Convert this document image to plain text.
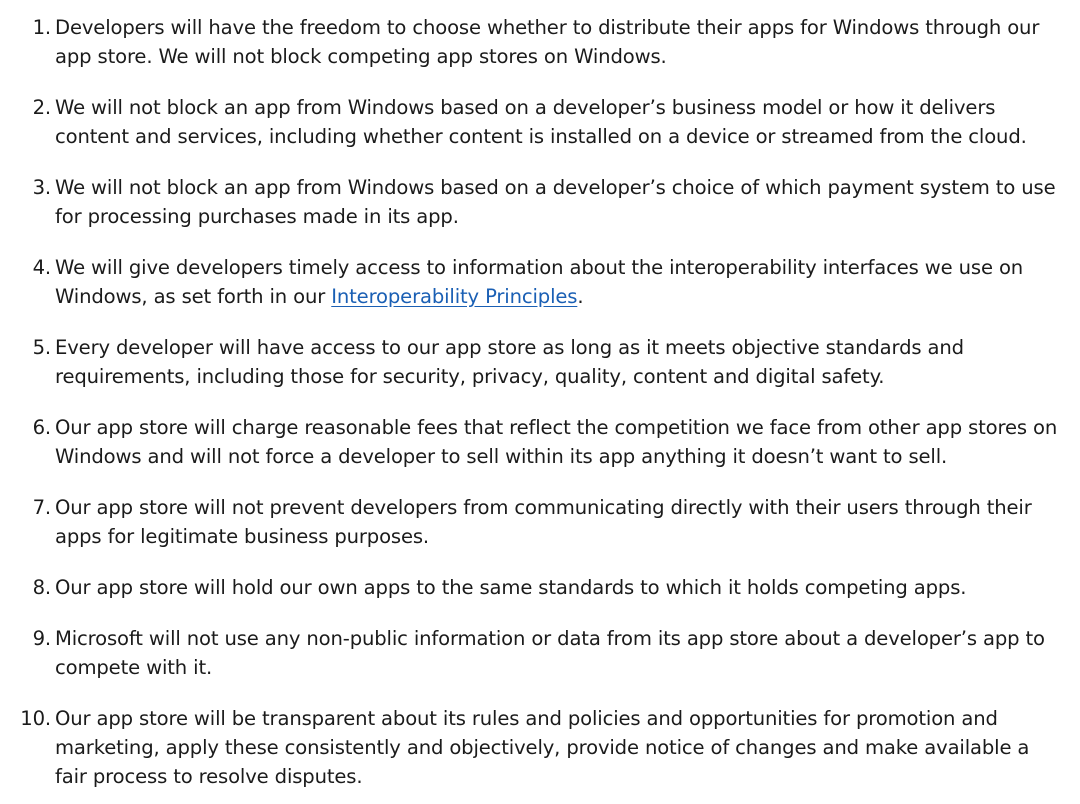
1. Developers will have the freedom to choose whether to distribute their apps for Windows through our app store. We will not block competing app stores on Windows.
2. We will not block an app from Windows based on a developer’s business model or how it delivers content and services, including whether content is installed on a device or streamed from the cloud.
3. We will not block an app from Windows based on a developer’s choice of which payment system to use for processing purchases made in its app.
4. We will give developers timely access to information about the interoperability interfaces we use on Windows, as set forth in our Interoperability Principles.
5. Every developer will have access to our app store as long as it meets objective standards and requirements, including those for security, privacy, quality, content and digital safety.
6. Our app store will charge reasonable fees that reflect the competition we face from other app stores on Windows and will not force a developer to sell within its app anything it doesn’t want to sell.
7. Our app store will not prevent developers from communicating directly with their users through their apps for legitimate business purposes.
8. Our app store will hold our own apps to the same standards to which it holds competing apps.
9. Microsoft will not use any non-public information or data from its app store about a developer’s app to compete with it.
10. Our app store will be transparent about its rules and policies and opportunities for promotion and marketing, apply these consistently and objectively, provide notice of changes and make available a fair process to resolve disputes.
